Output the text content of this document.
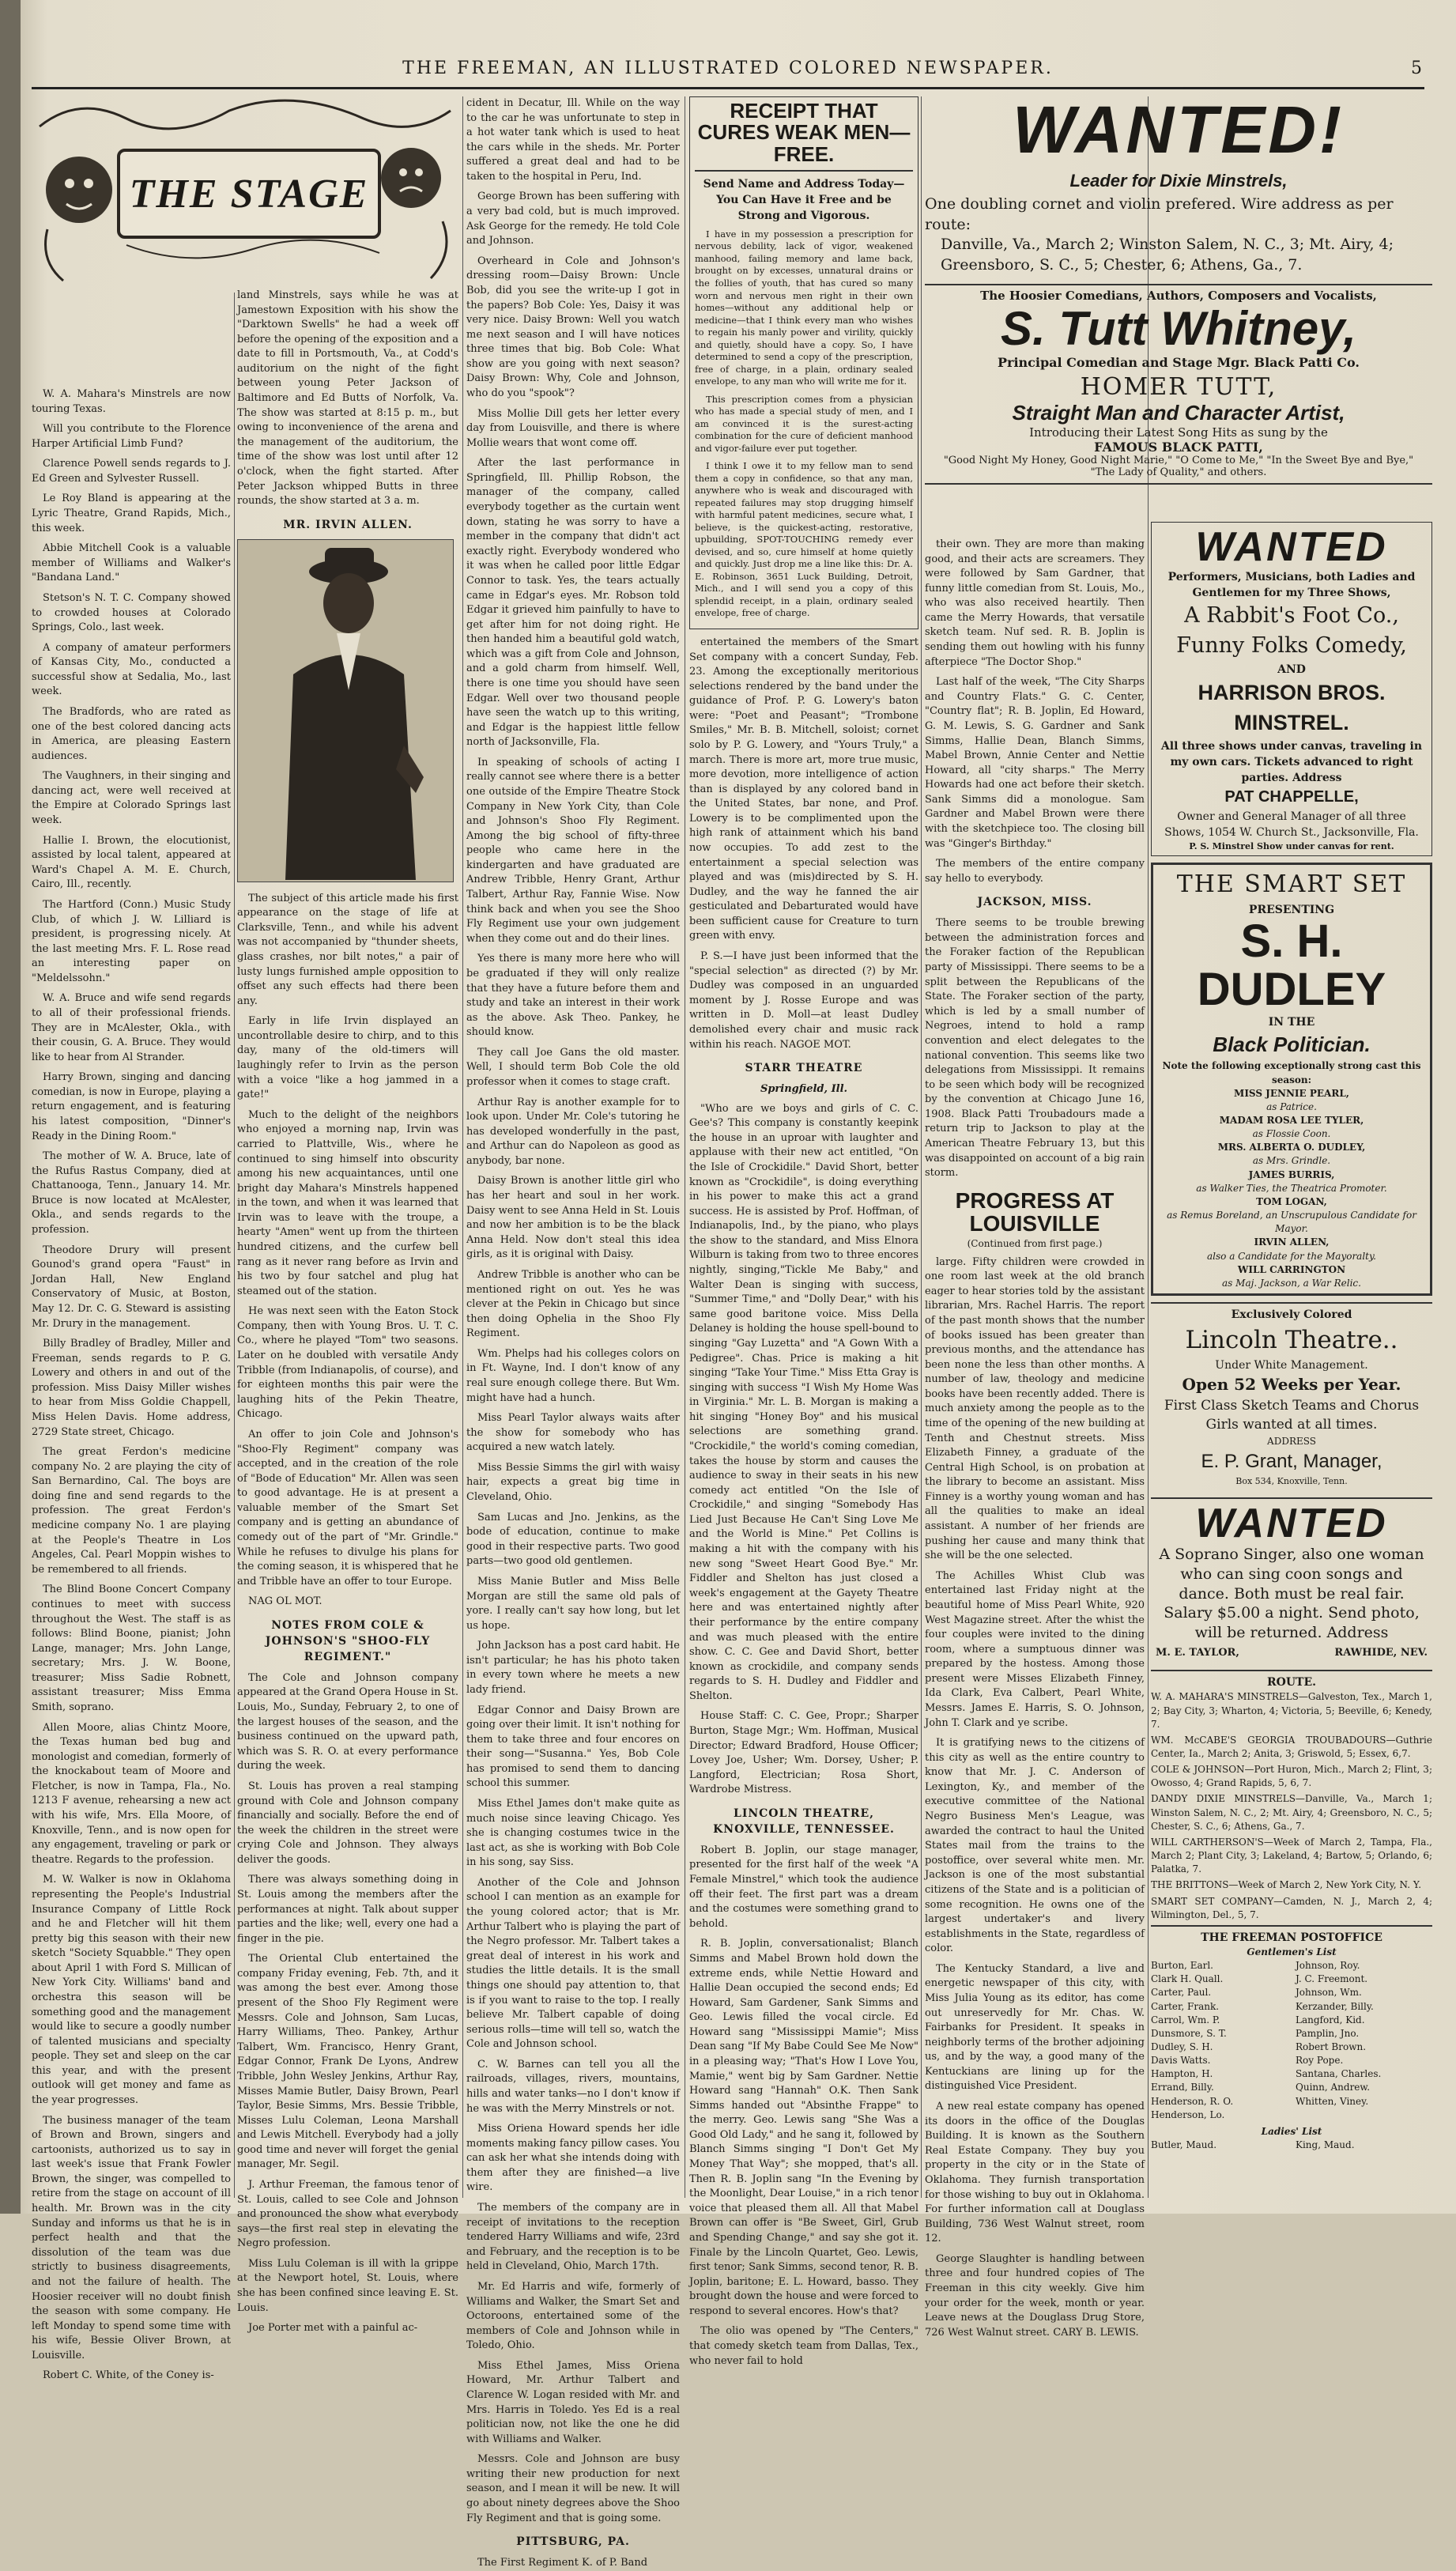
THE FREEMAN, AN ILLUSTRATED COLORED NEWSPAPER.	5
THE STAGE

W. A. Mahara's Minstrels are now touring Texas.

Will you contribute to the Florence Harper Artificial Limb Fund?

Clarence Powell sends regards to J. Ed Green and Sylvester Russell.

Le Roy Bland is appearing at the Lyric Theatre, Grand Rapids, Mich., this week.

Abbie Mitchell Cook is a valuable member of Williams and Walker's "Bandana Land."

Stetson's N. T. C. Company showed to crowded houses at Colorado Springs, Colo., last week.

A company of amateur performers of Kansas City, Mo., conducted a successful show at Sedalia, Mo., last week.

The Bradfords, who are rated as one of the best colored dancing acts in America, are pleasing Eastern audiences.

The Vaughners, in their singing and dancing act, were well received at the Empire at Colorado Springs last week.

Hallie I. Brown, the elocutionist, assisted by local talent, appeared at Ward's Chapel A. M. E. Church, Cairo, Ill., recently.

The Hartford (Conn.) Music Study Club, of which J. W. Lilliard is president, is progressing nicely. At the last meeting Mrs. F. L. Rose read an interesting paper on "Meldelssohn."

W. A. Bruce and wife send regards to all of their professional friends. They are in McAlester, Okla., with their cousin, G. A. Bruce. They would like to hear from Al Strander.

Harry Brown, singing and dancing comedian, is now in Europe, playing a return engagement, and is featuring his latest composition, "Dinner's Ready in the Dining Room."

The mother of W. A. Bruce, late of the Rufus Rastus Company, died at Chattanooga, Tenn., January 14. Mr. Bruce is now located at McAlester, Okla., and sends regards to the profession.

Theodore Drury will present Gounod's grand opera "Faust" in Jordan Hall, New England Conservatory of Music, at Boston, May 12. Dr. C. G. Steward is assisting Mr. Drury in the management.

Billy Bradley of Bradley, Miller and Freeman, sends regards to P. G. Lowery and others in and out of the profession. Miss Daisy Miller wishes to hear from Miss Goldie Chappell, Miss Helen Davis. Home address, 2729 State street, Chicago.

The great Ferdon's medicine company No. 2 are playing the city of San Bernardino, Cal. The boys are doing fine and send regards to the profession. The great Ferdon's medicine company No. 1 are playing at the People's Theatre in Los Angeles, Cal. Pearl Moppin wishes to be remembered to all friends.

The Blind Boone Concert Company continues to meet with success throughout the West. The staff is as follows: Blind Boone, pianist; John Lange, manager; Mrs. John Lange, secretary; Mrs. J. W. Boone, treasurer; Miss Sadie Robnett, assistant treasurer; Miss Emma Smith, soprano.

Allen Moore, alias Chintz Moore, the Texas human bed bug and monologist and comedian, formerly of the knockabout team of Moore and Fletcher, is now in Tampa, Fla., No. 1213 F avenue, rehearsing a new act with his wife, Mrs. Ella Moore, of Knoxville, Tenn., and is now open for any engagement, traveling or park or theatre. Regards to the profession.

M. W. Walker is now in Oklahoma representing the People's Industrial Insurance Company of Little Rock and he and Fletcher will hit them pretty big this season with their new sketch "Society Squabble." They open about April 1 with Ford S. Millican of New York City. Williams' band and orchestra this season will be something good and the management would like to secure a goodly number of talented musicians and specialty people. They set and sleep on the car this year, and with the present outlook will get money and fame as the year progresses.

The business manager of the team of Brown and Brown, singers and cartoonists, authorized us to say in last week's issue that Frank Fowler Brown, the singer, was compelled to retire from the stage on account of ill health. Mr. Brown was in the city Sunday and informs us that he is in perfect health and that the dissolution of the team was due strictly to business disagreements, and not the failure of health. The Hoosier receiver will no doubt finish the season with some company. He left Monday to spend some time with his wife, Bessie Oliver Brown, at Louisville.

Robert C. White, of the Coney is-

land Minstrels, says while he was at Jamestown Exposition with his show the "Darktown Swells" he had a week off before the opening of the exposition and a date to fill in Portsmouth, Va., at Codd's auditorium on the night of the fight between young Peter Jackson of Baltimore and Ed Butts of Norfolk, Va. The show was started at 8:15 p. m., but owing to inconvenience of the arena and the management of the auditorium, the time of the show was lost until after 12 o'clock, when the fight started. After Peter Jackson whipped Butts in three rounds, the show started at 3 a. m.

MR. IRVIN ALLEN.

The subject of this article made his first appearance on the stage of life at Clarksville, Tenn., and while his advent was not accompanied by "thunder sheets, glass crashes, nor bilt notes," a pair of lusty lungs furnished ample opposition to offset any such effects had there been any.

Early in life Irvin displayed an uncontrollable desire to chirp, and to this day, many of the old-timers will laughingly refer to Irvin as the person with a voice "like a hog jammed in a gate!"

Much to the delight of the neighbors who enjoyed a morning nap, Irvin was carried to Plattville, Wis., where he continued to sing himself into obscurity among his new acquaintances, until one bright day Mahara's Minstrels happened in the town, and when it was learned that Irvin was to leave with the troupe, a hearty "Amen" went up from the thirteen hundred citizens, and the curfew bell rang as it never rang before as Irvin and his two by four satchel and plug hat steamed out of the station.

He was next seen with the Eaton Stock Company, then with Young Bros. U. T. C. Co., where he played "Tom" two seasons. Later on he doubled with versatile Andy Tribble (from Indianapolis, of course), and for eighteen months this pair were the laughing hits of the Pekin Theatre, Chicago.

An offer to join Cole and Johnson's "Shoo-Fly Regiment" company was accepted, and in the creation of the role of "Bode of Education" Mr. Allen was seen to good advantage. He is at present a valuable member of the Smart Set company and is getting an abundance of comedy out of the part of "Mr. Grindle." While he refuses to divulge his plans for the coming season, it is whispered that he and Tribble have an offer to tour Europe.

NAG OL MOT.

NOTES FROM COLE & JOHNSON'S "SHOO-FLY REGIMENT."

The Cole and Johnson company appeared at the Grand Opera House in St. Louis, Mo., Sunday, February 2, to one of the largest houses of the season, and the business continued on the upward path, which was S. R. O. at every performance during the week.

St. Louis has proven a real stamping ground with Cole and Johnson company financially and socially. Before the end of the week the children in the street were crying Cole and Johnson. They always deliver the goods.

There was always something doing in St. Louis among the members after the performances at night. Talk about supper parties and the like; well, every one had a finger in the pie.

The Oriental Club entertained the company Friday evening, Feb. 7th, and it was among the best ever. Among those present of the Shoo Fly Regiment were Messrs. Cole and Johnson, Sam Lucas, Harry Williams, Theo. Pankey, Arthur Talbert, Wm. Francisco, Henry Grant, Edgar Connor, Frank De Lyons, Andrew Tribble, John Wesley Jenkins, Arthur Ray, Misses Mamie Butler, Daisy Brown, Pearl Taylor, Besie Simms, Mrs. Bessie Tribble, Misses Lulu Coleman, Leona Marshall and Lewis Mitchell. Everybody had a jolly good time and never will forget the genial manager, Mr. Segil.

J. Arthur Freeman, the famous tenor of St. Louis, called to see Cole and Johnson and pronounced the show what everybody says—the first real step in elevating the Negro profession.

Miss Lulu Coleman is ill with la grippe at the Newport hotel, St. Louis, where she has been confined since leaving E. St. Louis.

Joe Porter met with a painful ac-

cident in Decatur, Ill. While on the way to the car he was unfortunate to step in a hot water tank which is used to heat the cars while in the sheds. Mr. Porter suffered a great deal and had to be taken to the hospital in Peru, Ind.

George Brown has been suffering with a very bad cold, but is much improved. Ask George for the remedy. He told Cole and Johnson.

Overheard in Cole and Johnson's dressing room—Daisy Brown: Uncle Bob, did you see the write-up I got in the papers? Bob Cole: Yes, Daisy it was very nice. Daisy Brown: Well you watch me next season and I will have notices three times that big. Bob Cole: What show are you going with next season? Daisy Brown: Why, Cole and Johnson, who do you "spook"?

Miss Mollie Dill gets her letter every day from Louisville, and there is where Mollie wears that wont come off.

After the last performance in Springfield, Ill. Phillip Robson, the manager of the company, called everybody together as the curtain went down, stating he was sorry to have a member in the company that didn't act exactly right. Everybody wondered who it was when he called poor little Edgar Connor to task. Yes, the tears actually came in Edgar's eyes. Mr. Robson told Edgar it grieved him painfully to have to get after him for not doing right. He then handed him a beautiful gold watch, which was a gift from Cole and Johnson, and a gold charm from himself. Well, there is one time you should have seen Edgar. Well over two thousand people have seen the watch up to this writing, and Edgar is the happiest little fellow north of Jacksonville, Fla.

In speaking of schools of acting I really cannot see where there is a better one outside of the Empire Theatre Stock Company in New York City, than Cole and Johnson's Shoo Fly Regiment. Among the big school of fifty-three people who came here in the kindergarten and have graduated are Andrew Tribble, Henry Grant, Arthur Talbert, Arthur Ray, Fannie Wise. Now think back and when you see the Shoo Fly Regiment use your own judgement when they come out and do their lines.

Yes there is many more here who will be graduated if they will only realize that they have a future before them and study and take an interest in their work as the above. Ask Theo. Pankey, he should know.

They call Joe Gans the old master. Well, I should term Bob Cole the old professor when it comes to stage craft.

Arthur Ray is another example for to look upon. Under Mr. Cole's tutoring he has developed wonderfully in the past, and Arthur can do Napoleon as good as anybody, bar none.

Daisy Brown is another little girl who has her heart and soul in her work. Daisy went to see Anna Held in St. Louis and now her ambition is to be the black Anna Held. Now don't steal this idea girls, as it is original with Daisy.

Andrew Tribble is another who can be mentioned right on out. Yes he was clever at the Pekin in Chicago but since then doing Ophelia in the Shoo Fly Regiment.

Wm. Phelps had his colleges colors on in Ft. Wayne, Ind. I don't know of any real sure enough college there. But Wm. might have had a hunch.

Miss Pearl Taylor always waits after the show for somebody who has acquired a new watch lately.

Miss Bessie Simms the girl with waisy hair, expects a great big time in Cleveland, Ohio.

Sam Lucas and Jno. Jenkins, as the bode of education, continue to make good in their respective parts. Two good parts—two good old gentlemen.

Miss Manie Butler and Miss Belle Morgan are still the same old pals of yore. I really can't say how long, but let us hope.

John Jackson has a post card habit. He isn't particular; he has his photo taken in every town where he meets a new lady friend.

Edgar Connor and Daisy Brown are going over their limit. It isn't nothing for them to take three and four encores on their song—"Susanna." Yes, Bob Cole has promised to send them to dancing school this summer.

Miss Ethel James don't make quite as much noise since leaving Chicago. Yes she is changing costumes twice in the last act, as she is working with Bob Cole in his song, say Siss.

Another of the Cole and Johnson school I can mention as an example for the young colored actor; that is Mr. Arthur Talbert who is playing the part of the Negro professor. Mr. Talbert takes a great deal of interest in his work and studies the little details. It is the small things one should pay attention to, that is if you want to raise to the top. I really believe Mr. Talbert capable of doing serious rolls—time will tell so, watch the Cole and Johnson school.

C. W. Barnes can tell you all the railroads, villages, rivers, mountains, hills and water tanks—no I don't know if he was with the Merry Minstrels or not.

Miss Oriena Howard spends her idle moments making fancy pillow cases. You can ask her what she intends doing with them after they are finished—a live wire.

The members of the company are in receipt of invitations to the reception tendered Harry Williams and wife, 23rd and February, and the reception is to be held in Cleveland, Ohio, March 17th.

Mr. Ed Harris and wife, formerly of Williams and Walker, the Smart Set and Octoroons, entertained some of the members of Cole and Johnson while in Toledo, Ohio.

Miss Ethel James, Miss Oriena Howard, Mr. Arthur Talbert and Clarence W. Logan resided with Mr. and Mrs. Harris in Toledo. Yes Ed is a real politician now, not like the one he did with Williams and Walker.

Messrs. Cole and Johnson are busy writing their new production for next season, and I mean it will be new. It will go about ninety degrees above the Shoo Fly Regiment and that is going some.

PITTSBURG, PA.

The First Regiment K. of P. Band

RECEIPT THAT CURES WEAK MEN—FREE.
Send Name and Address Today—You Can Have it Free and be Strong and Vigorous.

I have in my possession a prescription for nervous debility, lack of vigor, weakened manhood, failing memory and lame back, brought on by excesses, unnatural drains or the follies of youth, that has cured so many worn and nervous men right in their own homes—without any additional help or medicine—that I think every man who wishes to regain his manly power and virility, quickly and quietly, should have a copy. So, I have determined to send a copy of the prescription, free of charge, in a plain, ordinary sealed envelope, to any man who will write me for it.

This prescription comes from a physician who has made a special study of men, and I am convinced it is the surest-acting combination for the cure of deficient manhood and vigor-failure ever put together.

I think I owe it to my fellow man to send them a copy in confidence, so that any man, anywhere who is weak and discouraged with repeated failures may stop drugging himself with harmful patent medicines, secure what, I believe, is the quickest-acting, restorative, upbuilding, SPOT-TOUCHING remedy ever devised, and so, cure himself at home quietly and quickly. Just drop me a line like this: Dr. A. E. Robinson, 3651 Luck Building, Detroit, Mich., and I will send you a copy of this splendid receipt, in a plain, ordinary sealed envelope, free of charge.

entertained the members of the Smart Set company with a concert Sunday, Feb. 23. Among the exceptionally meritorious selections rendered by the band under the guidance of Prof. P. G. Lowery's baton were: "Poet and Peasant"; "Trombone Smiles," Mr. B. B. Mitchell, soloist; cornet solo by P. G. Lowery, and "Yours Truly," a march. There is more art, more true music, more devotion, more intelligence of action than is displayed by any colored band in the United States, bar none, and Prof. Lowery is to be complimented upon the high rank of attainment which his band now occupies. To add zest to the entertainment a special selection was played and was (mis)directed by S. H. Dudley, and the way he fanned the air gesticulated and Debarturated would have been sufficient cause for Creature to turn green with envy.

P. S.—I have just been informed that the "special selection" as directed (?) by Mr. Dudley was composed in an unguarded moment by J. Rosse Europe and was written in D. Moll—at least Dudley demolished every chair and music rack within his reach. NAGOE MOT.

STARR THEATRE
Springfield, Ill.

"Who are we boys and girls of C. C. Gee's? This company is constantly keepink the house in an uproar with laughter and applause with their new act entitled, "On the Isle of Crockidile." David Short, better known as "Crockidile", is doing everything in his power to make this act a grand success. He is assisted by Prof. Hoffman, of Indianapolis, Ind., by the piano, who plays the show to the standard, and Miss Elnora Wilburn is taking from two to three encores nightly, singing,"Tickle Me Baby," and Walter Dean is singing with success, "Summer Time," and "Dolly Dear," with his same good baritone voice. Miss Della Delaney is holding the house spell-bound to singing "Gay Luzetta" and "A Gown With a Pedigree". Chas. Price is making a hit singing "Take Your Time." Miss Etta Gray is singing with success "I Wish My Home Was in Virginia." Mr. L. B. Morgan is making a hit singing "Honey Boy" and his musical selections are something grand. "Crockidile," the world's coming comedian, takes the house by storm and causes the audience to sway in their seats in his new comedy act entitled "On the Isle of Crockidile," and singing "Somebody Has Lied Just Because He Can't Sing Love Me and the World is Mine." Pet Collins is making a hit with the company with his new song "Sweet Heart Good Bye." Mr. Fiddler and Shelton has just closed a week's engagement at the Gayety Theatre here and was entertained nightly after their performance by the entire company and was much pleased with the entire show. C. C. Gee and David Short, better known as crockidile, and company sends regards to S. H. Dudley and Fiddler and Shelton.

House Staff: C. C. Gee, Propr.; Sharper Burton, Stage Mgr.; Wm. Hoffman, Musical Director; Edward Bradford, House Officer; Lovey Joe, Usher; Wm. Dorsey, Usher; P. Langford, Electrician; Rosa Short, Wardrobe Mistress.

LINCOLN THEATRE, KNOXVILLE, TENNESSEE.

Robert B. Joplin, our stage manager, presented for the first half of the week "A Female Minstrel," which took the audience off their feet. The first part was a dream and the costumes were something grand to behold.

R. B. Joplin, conversationalist; Blanch Simms and Mabel Brown hold down the extreme ends, while Nettie Howard and Hallie Dean occupied the second ends; Ed Howard, Sam Gardener, Sank Simms and Geo. Lewis filled the vocal circle. Ed Howard sang "Mississippi Mamie"; Miss Dean sang "If My Babe Could See Me Now" in a pleasing way; "That's How I Love You, Mamie," went big by Sam Gardner. Nettie Howard sang "Hannah" O.K. Then Sank Simms handed out "Absinthe Frappe" to the merry. Geo. Lewis sang "She Was a Good Old Lady," and he sang it, followed by Blanch Simms singing "I Don't Get My Money That Way"; she mopped, that's all. Then R. B. Joplin sang "In the Evening by the Moonlight, Dear Louise," in a rich tenor voice that pleased them all. All that Mabel Brown can offer is "Be Sweet, Girl, Grub and Spending Change," and say she got it. Finale by the Lincoln Quartet, Geo. Lewis, first tenor; Sank Simms, second tenor, R. B. Joplin, baritone; E. L. Howard, basso. They brought down the house and were forced to respond to several encores. How's that?

The olio was opened by "The Centers," that comedy sketch team from Dallas, Tex., who never fail to hold

WANTED!
Leader for Dixie Minstrels,
One doubling cornet and violin prefered. Wire address as per route:
Danville, Va., March 2; Winston Salem, N. C., 3; Mt. Airy, 4; Greensboro, S. C., 5; Chester, 6; Athens, Ga., 7.
The Hoosier Comedians, Authors, Composers and Vocalists,
S. Tutt Whitney,
Principal Comedian and Stage Mgr. Black Patti Co.
HOMER TUTT,
Straight Man and Character Artist,
Introducing their Latest Song Hits as sung by the
FAMOUS BLACK PATTI,
"Good Night My Honey, Good Night Marie," "O Come to Me," "In the Sweet Bye and Bye," "The Lady of Quality," and others.

their own. They are more than making good, and their acts are screamers. They were followed by Sam Gardner, that funny little comedian from St. Louis, Mo., who was also received heartily. Then came the Merry Howards, that versatile sketch team. Nuf sed. R. B. Joplin is sending them out howling with his funny afterpiece "The Doctor Shop."

Last half of the week, "The City Sharps and Country Flats." G. C. Center, "Country flat"; R. B. Joplin, Ed Howard, G. M. Lewis, S. G. Gardner and Sank Simms, Hallie Dean, Blanch Simms, Mabel Brown, Annie Center and Nettie Howard, all "city sharps." The Merry Howards had one act before their sketch. Sank Simms did a monologue. Sam Gardner and Mabel Brown were there with the sketchpiece too. The closing bill was "Ginger's Birthday."

The members of the entire company say hello to everybody.

JACKSON, MISS.

There seems to be trouble brewing between the administration forces and the Foraker faction of the Republican party of Mississippi. There seems to be a split between the Republicans of the State. The Foraker section of the party, which is led by a small number of Negroes, intend to hold a ramp convention and elect delegates to the national convention. This seems like two delegations from Mississippi. It remains to be seen which body will be recognized by the convention at Chicago June 16, 1908. Black Patti Troubadours made a return trip to Jackson to play at the American Theatre February 13, but this was disappointed on account of a big rain storm.

PROGRESS AT LOUISVILLE
(Continued from first page.)

large. Fifty children were crowded in one room last week at the old branch eager to hear stories told by the assistant librarian, Mrs. Rachel Harris. The report of the past month shows that the number of books issued has been greater than previous months, and the attendance has been none the less than other months. A number of law, theology and medicine books have been recently added. There is much anxiety among the people as to the time of the opening of the new building at Tenth and Chestnut streets. Miss Elizabeth Finney, a graduate of the Central High School, is on probation at the library to become an assistant. Miss Finney is a worthy young woman and has all the qualities to make an ideal assistant. A number of her friends are pushing her cause and many think that she will be the one selected.

The Achilles Whist Club was entertained last Friday night at the beautiful home of Miss Pearl White, 920 West Magazine street. After the whist the four couples were invited to the dining room, where a sumptuous dinner was prepared by the hostess. Among those present were Misses Elizabeth Finney, Ida Clark, Eva Calbert, Pearl White, Messrs. James E. Harris, S. O. Johnson, John T. Clark and ye scribe.

It is gratifying news to the citizens of this city as well as the entire country to know that Mr. J. C. Anderson of Lexington, Ky., and member of the executive committee of the National Negro Business Men's League, was awarded the contract to haul the United States mail from the trains to the postoffice, over several white men. Mr. Jackson is one of the most substantial citizens of the State and is a politician of some recognition. He owns one of the largest undertaker's and livery establishments in the State, regardless of color.

The Kentucky Standard, a live and energetic newspaper of this city, with Miss Julia Young as its editor, has come out unreservedly for Mr. Chas. W. Fairbanks for President. It speaks in neighborly terms of the brother adjoining us, and by the way, a good many of the Kentuckians are lining up for the distinguished Vice President.

A new real estate company has opened its doors in the office of the Douglas Building. It is known as the Southern Real Estate Company. They buy you property in the city or in the State of Oklahoma. They furnish transportation for those wishing to buy out in Oklahoma. For further information call at Douglass Building, 736 West Walnut street, room 12.

George Slaughter is handling between three and four hundred copies of The Freeman in this city weekly. Give him your order for the week, month or year. Leave news at the Douglass Drug Store, 726 West Walnut street. CARY B. LEWIS.

WANTED
Performers, Musicians, both Ladies and Gentlemen for my Three Shows,
A Rabbit's Foot Co.,
Funny Folks Comedy,
AND
HARRISON BROS. MINSTREL.
All three shows under canvas, traveling in my own cars. Tickets advanced to right parties. Address
PAT CHAPPELLE,
Owner and General Manager of all three Shows, 1054 W. Church St., Jacksonville, Fla.
P. S. Minstrel Show under canvas for rent.
THE SMART SET
PRESENTING
S. H. DUDLEY
IN THE
Black Politician.
Note the following exceptionally strong cast this season:
MISS JENNIE PEARL,
as Patrice.
MADAM ROSA LEE TYLER,
as Flossie Coon.
MRS. ALBERTA O. DUDLEY,
as Mrs. Grindle.
JAMES BURRIS,
as Walker Ties, the Theatrica Promoter.
TOM LOGAN,
as Remus Boreland, an Unscrupulous Candidate for Mayor.
IRVIN ALLEN,
also a Candidate for the Mayoralty.
WILL CARRINGTON
as Maj. Jackson, a War Relic.
Exclusively Colored
Lincoln Theatre..
Under White Management.
Open 52 Weeks per Year.
First Class Sketch Teams and Chorus Girls wanted at all times.
ADDRESS
E. P. Grant, Manager,
Box 534, Knoxville, Tenn.
WANTED
A Soprano Singer, also one woman who can sing coon songs and dance. Both must be real fair. Salary $5.00 a night. Send photo, will be returned. Address
M. E. TAYLOR,	RAWHIDE, NEV.
ROUTE.
W. A. MAHARA'S MINSTRELS—Galveston, Tex., March 1, 2; Bay City, 3; Wharton, 4; Victoria, 5; Beeville, 6; Kenedy, 7.
WM. McCABE'S GEORGIA TROUBADOURS—Guthrie Center, Ia., March 2; Anita, 3; Griswold, 5; Essex, 6,7.
COLE & JOHNSON—Port Huron, Mich., March 2; Flint, 3; Owosso, 4; Grand Rapids, 5, 6, 7.
DANDY DIXIE MINSTRELS—Danville, Va., March 1; Winston Salem, N. C., 2; Mt. Airy, 4; Greensboro, N. C., 5; Chester, S. C., 6; Athens, Ga., 7.
WILL CARTHERSON'S—Week of March 2, Tampa, Fla., March 2; Plant City, 3; Lakeland, 4; Bartow, 5; Orlando, 6; Palatka, 7.
THE BRITTONS—Week of March 2, New York City, N. Y.
SMART SET COMPANY—Camden, N. J., March 2, 4; Wilmington, Del., 5, 7.
THE FREEMAN POSTOFFICE
Gentlemen's List
Burton, Earl.	Johnson, Roy.
Clark H. Quall.	J. C. Freemont.
Carter, Paul.	Johnson, Wm.
Carter, Frank.	Kerzander, Billy.
Carrol, Wm. P.	Langford, Kid.
Dunsmore, S. T.	Pamplin, Jno.
Dudley, S. H.	Robert Brown.
Davis Watts.	Roy Pope.
Hampton, H.	Santana, Charles.
Errand, Billy.	Quinn, Andrew.
Henderson, R. O.	Whitten, Viney.
Henderson, Lo.
Ladies' List
Butler, Maud.	King, Maud.
